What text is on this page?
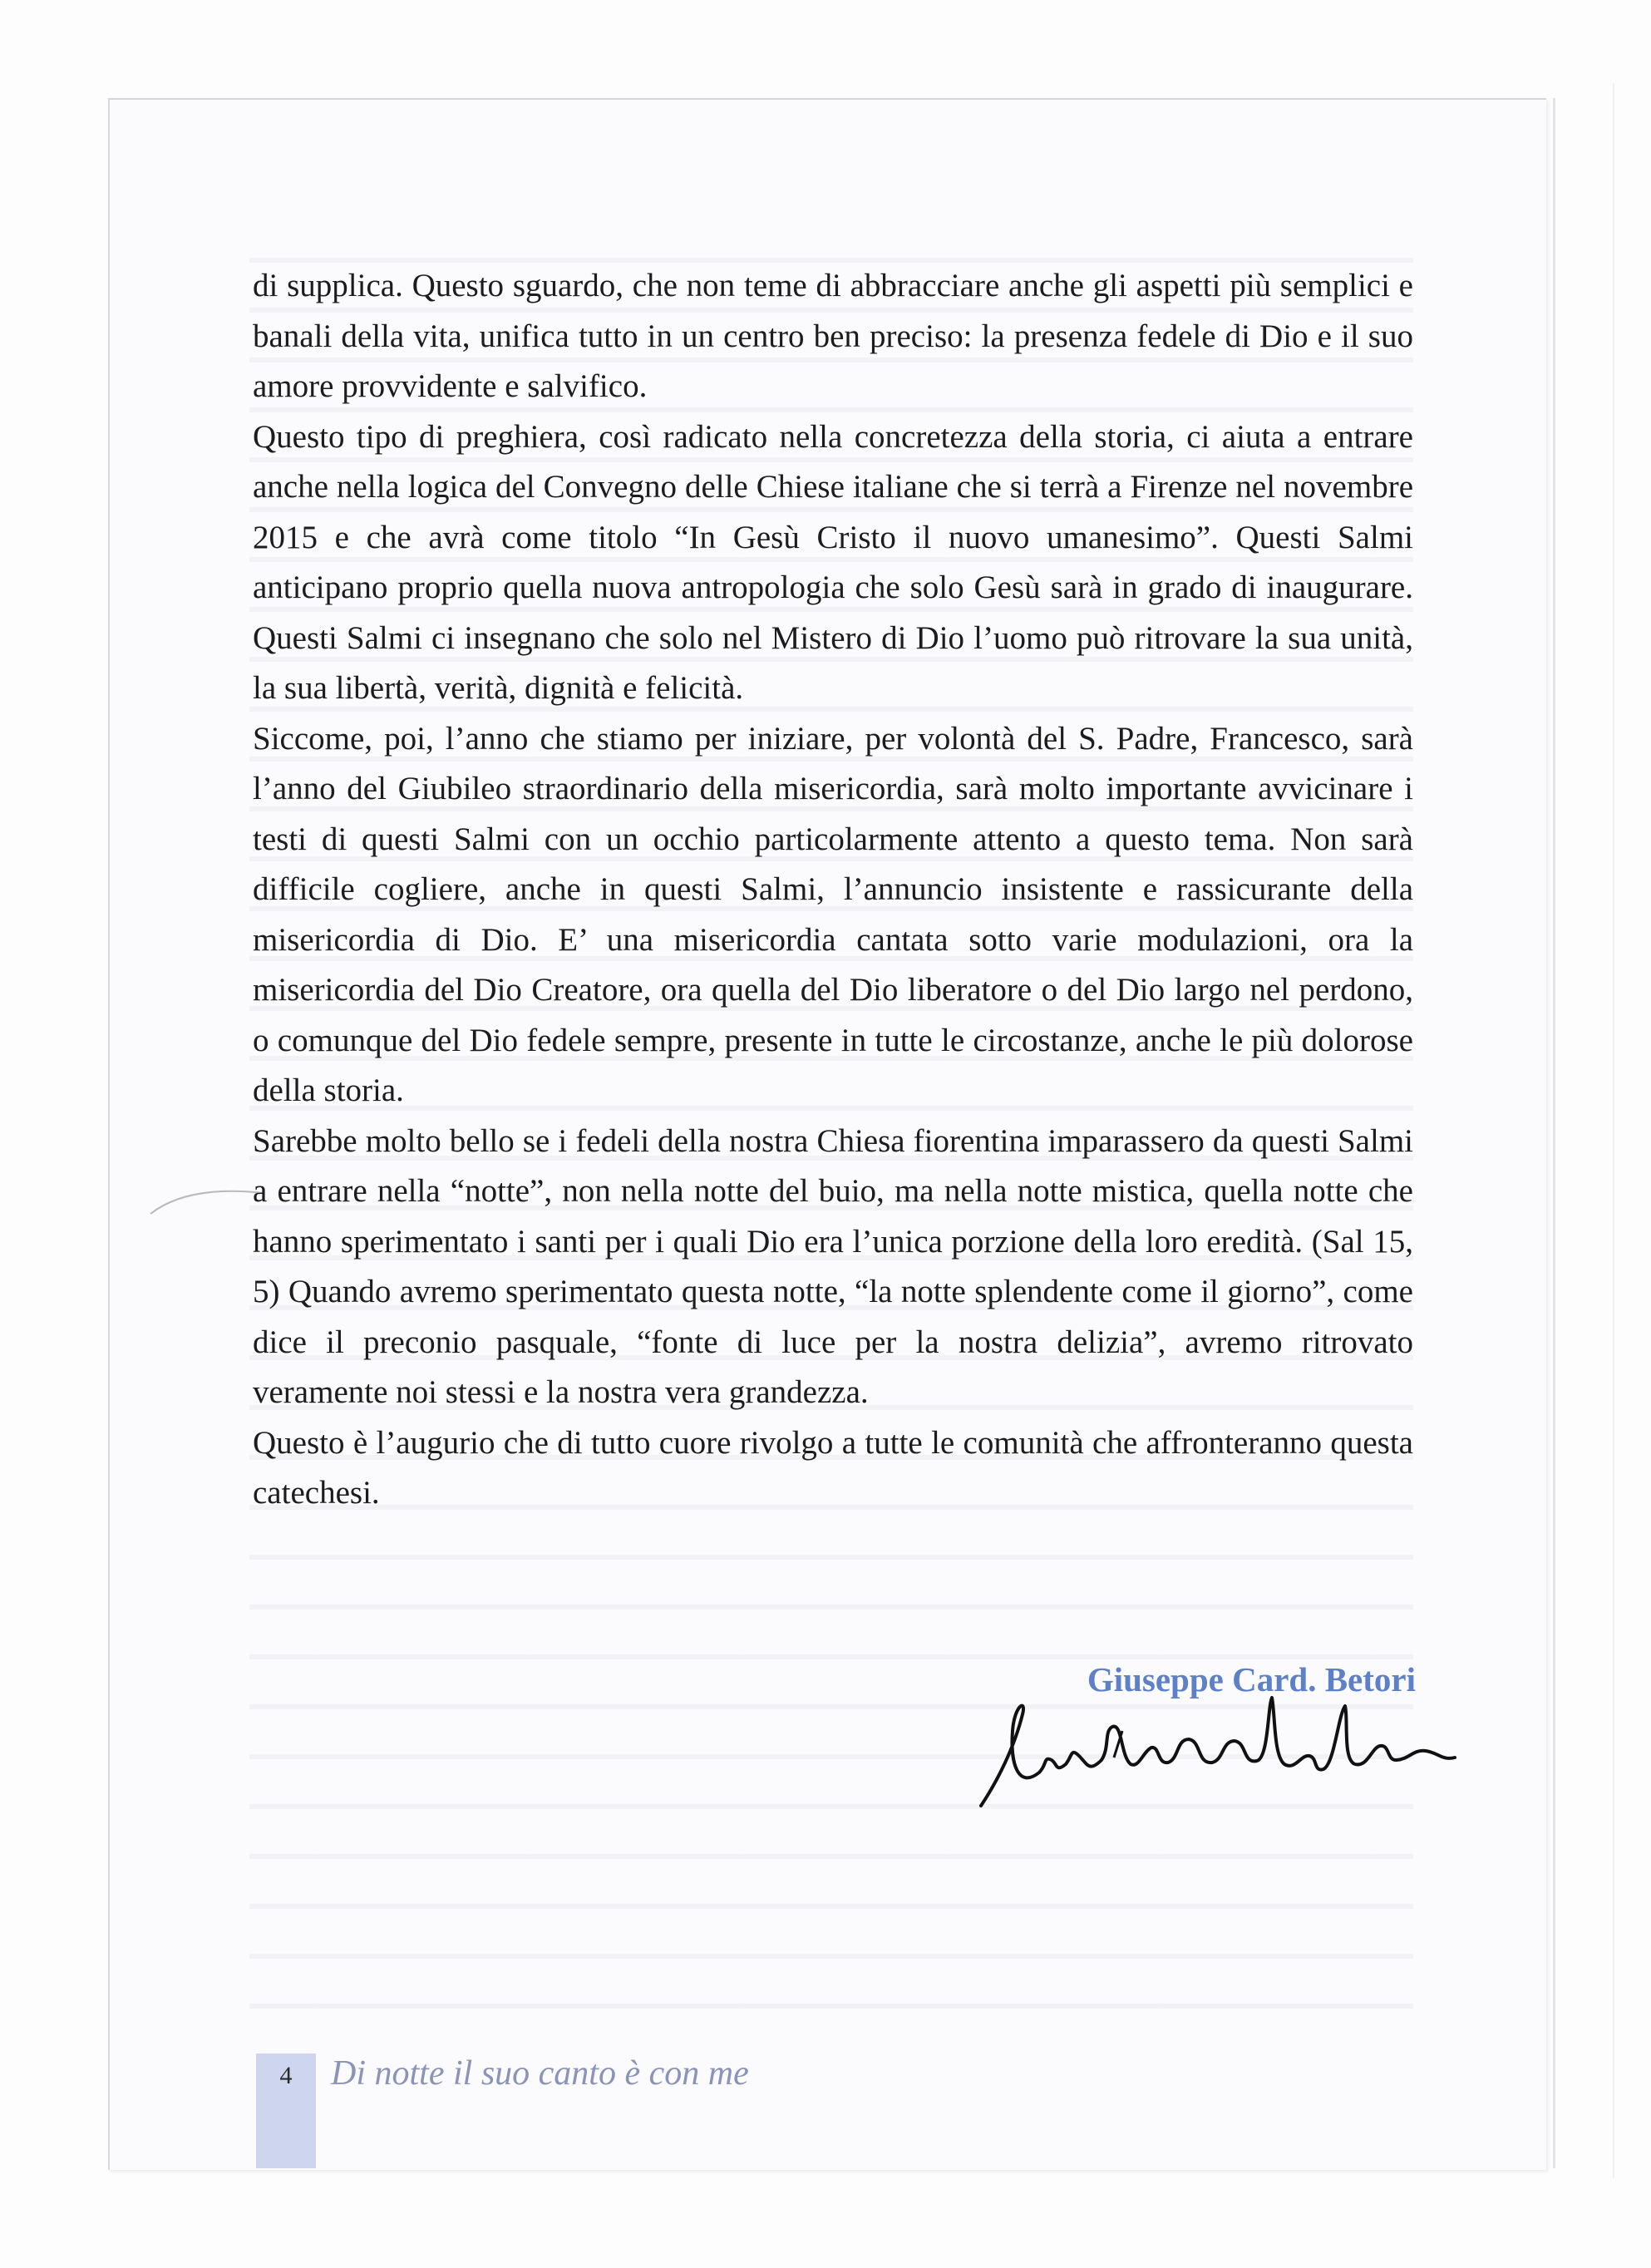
di supplica. Questo sguardo, che non teme di abbracciare anche gli aspetti più semplici e banali della vita, unifica tutto in un centro ben preciso: la presenza fedele di Dio e il suo amore provvidente e salvifico.

Questo tipo di preghiera, così radicato nella concretezza della storia, ci aiuta a entrare anche nella logica del Convegno delle Chiese italiane che si terrà a Firenze nel novembre 2015 e che avrà come titolo “In Gesù Cristo il nuovo umanesimo”. Questi Salmi anticipano proprio quella nuova antropologia che solo Gesù sarà in grado di inaugurare. Questi Salmi ci insegnano che solo nel Mistero di Dio l’uomo può ritrovare la sua unità, la sua libertà, verità, dignità e felicità.

Siccome, poi, l’anno che stiamo per iniziare, per volontà del S. Padre, Francesco, sarà l’anno del Giubileo straordinario della misericordia, sarà molto importante avvicinare i testi di questi Salmi con un occhio particolarmente attento a questo tema. Non sarà difficile cogliere, anche in questi Salmi, l’annuncio insistente e rassicurante della misericordia di Dio. E’ una misericordia cantata sotto varie modulazioni, ora la misericordia del Dio Creatore, ora quella del Dio liberatore o del Dio largo nel perdono, o comunque del Dio fedele sempre, presente in tutte le circostanze, anche le più dolorose della storia.

Sarebbe molto bello se i fedeli della nostra Chiesa fiorentina imparassero da questi Salmi a entrare nella “notte”, non nella notte del buio, ma nella notte mistica, quella notte che hanno sperimentato i santi per i quali Dio era l’unica porzione della loro eredità. (Sal 15, 5) Quando avremo sperimentato questa notte, “la notte splendente come il giorno”, come dice il preconio pasquale, “fonte di luce per la nostra delizia”, avremo ritrovato veramente noi stessi e la nostra vera grandezza.

Questo è l’augurio che di tutto cuore rivolgo a tutte le comunità che affronteranno questa catechesi.

Giuseppe Card. Betori

4	Di notte il suo canto è con me
